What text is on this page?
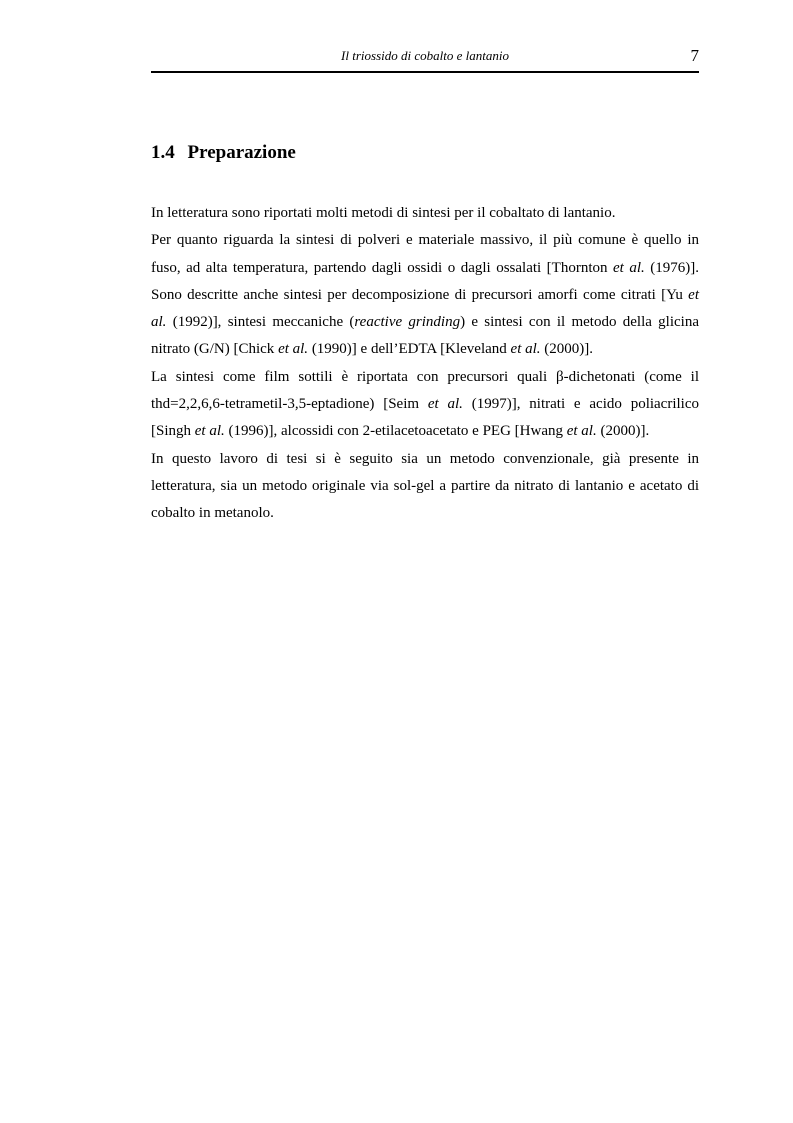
Il triossido di cobalto e lantanio	7
1.4 Preparazione

In letteratura sono riportati molti metodi di sintesi per il cobaltato di lantanio.

Per quanto riguarda la sintesi di polveri e materiale massivo, il più comune è quello in fuso, ad alta temperatura, partendo dagli ossidi o dagli ossalati [Thornton et al. (1976)]. Sono descritte anche sintesi per decomposizione di precursori amorfi come citrati [Yu et al. (1992)], sintesi meccaniche (reactive grinding) e sintesi con il metodo della glicina nitrato (G/N) [Chick et al. (1990)] e dell’EDTA [Kleveland et al. (2000)].

La sintesi come film sottili è riportata con precursori quali β-dichetonati (come il thd=2,2,6,6-tetrametil-3,5-eptadione) [Seim et al. (1997)], nitrati e acido poliacrilico [Singh et al. (1996)], alcossidi con 2-etilacetoacetato e PEG [Hwang et al. (2000)].

In questo lavoro di tesi si è seguito sia un metodo convenzionale, già presente in letteratura, sia un metodo originale via sol-gel a partire da nitrato di lantanio e acetato di cobalto in metanolo.
